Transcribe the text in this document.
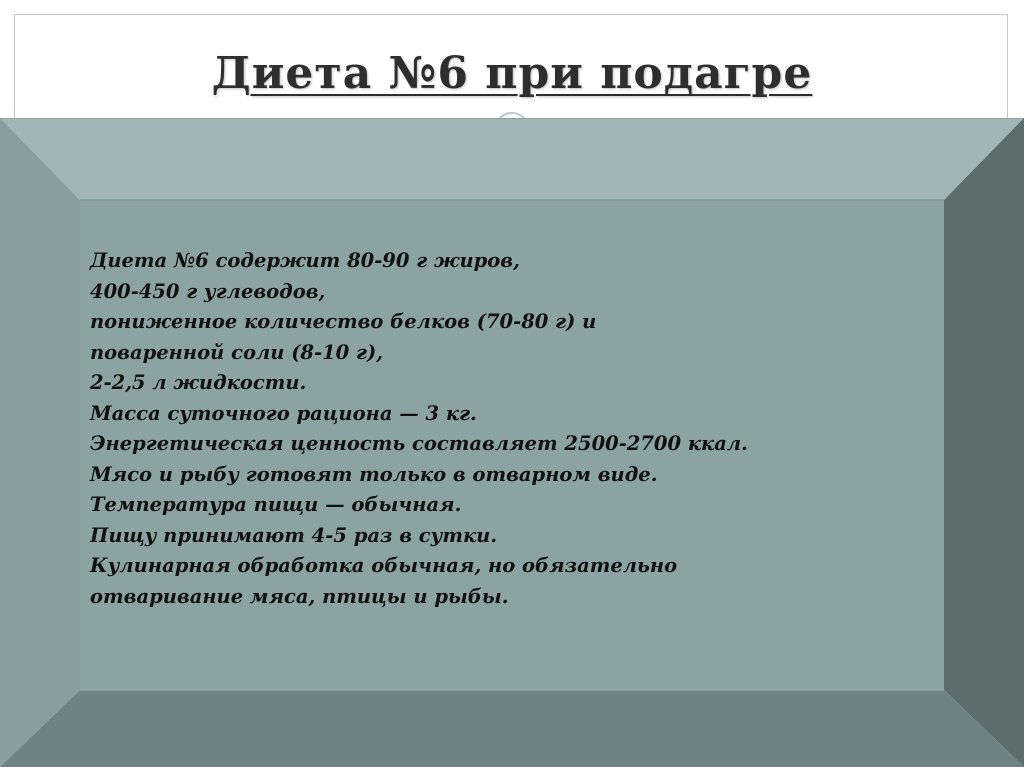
Диета №6 при подагре
Диета №6 содержит 80-90 г жиров,
400-450 г углеводов,
пониженное количество белков (70-80 г) и
поваренной соли (8-10 г),
2-2,5 л жидкости.
Масса суточного рациона — 3 кг.
Энергетическая ценность составляет 2500-2700 ккал.
Мясо и рыбу готовят только в отварном виде.
Температура пищи — обычная.
Пищу принимают 4-5 раз в сутки.
Кулинарная обработка обычная, но обязательно
отваривание мяса, птицы и рыбы.
